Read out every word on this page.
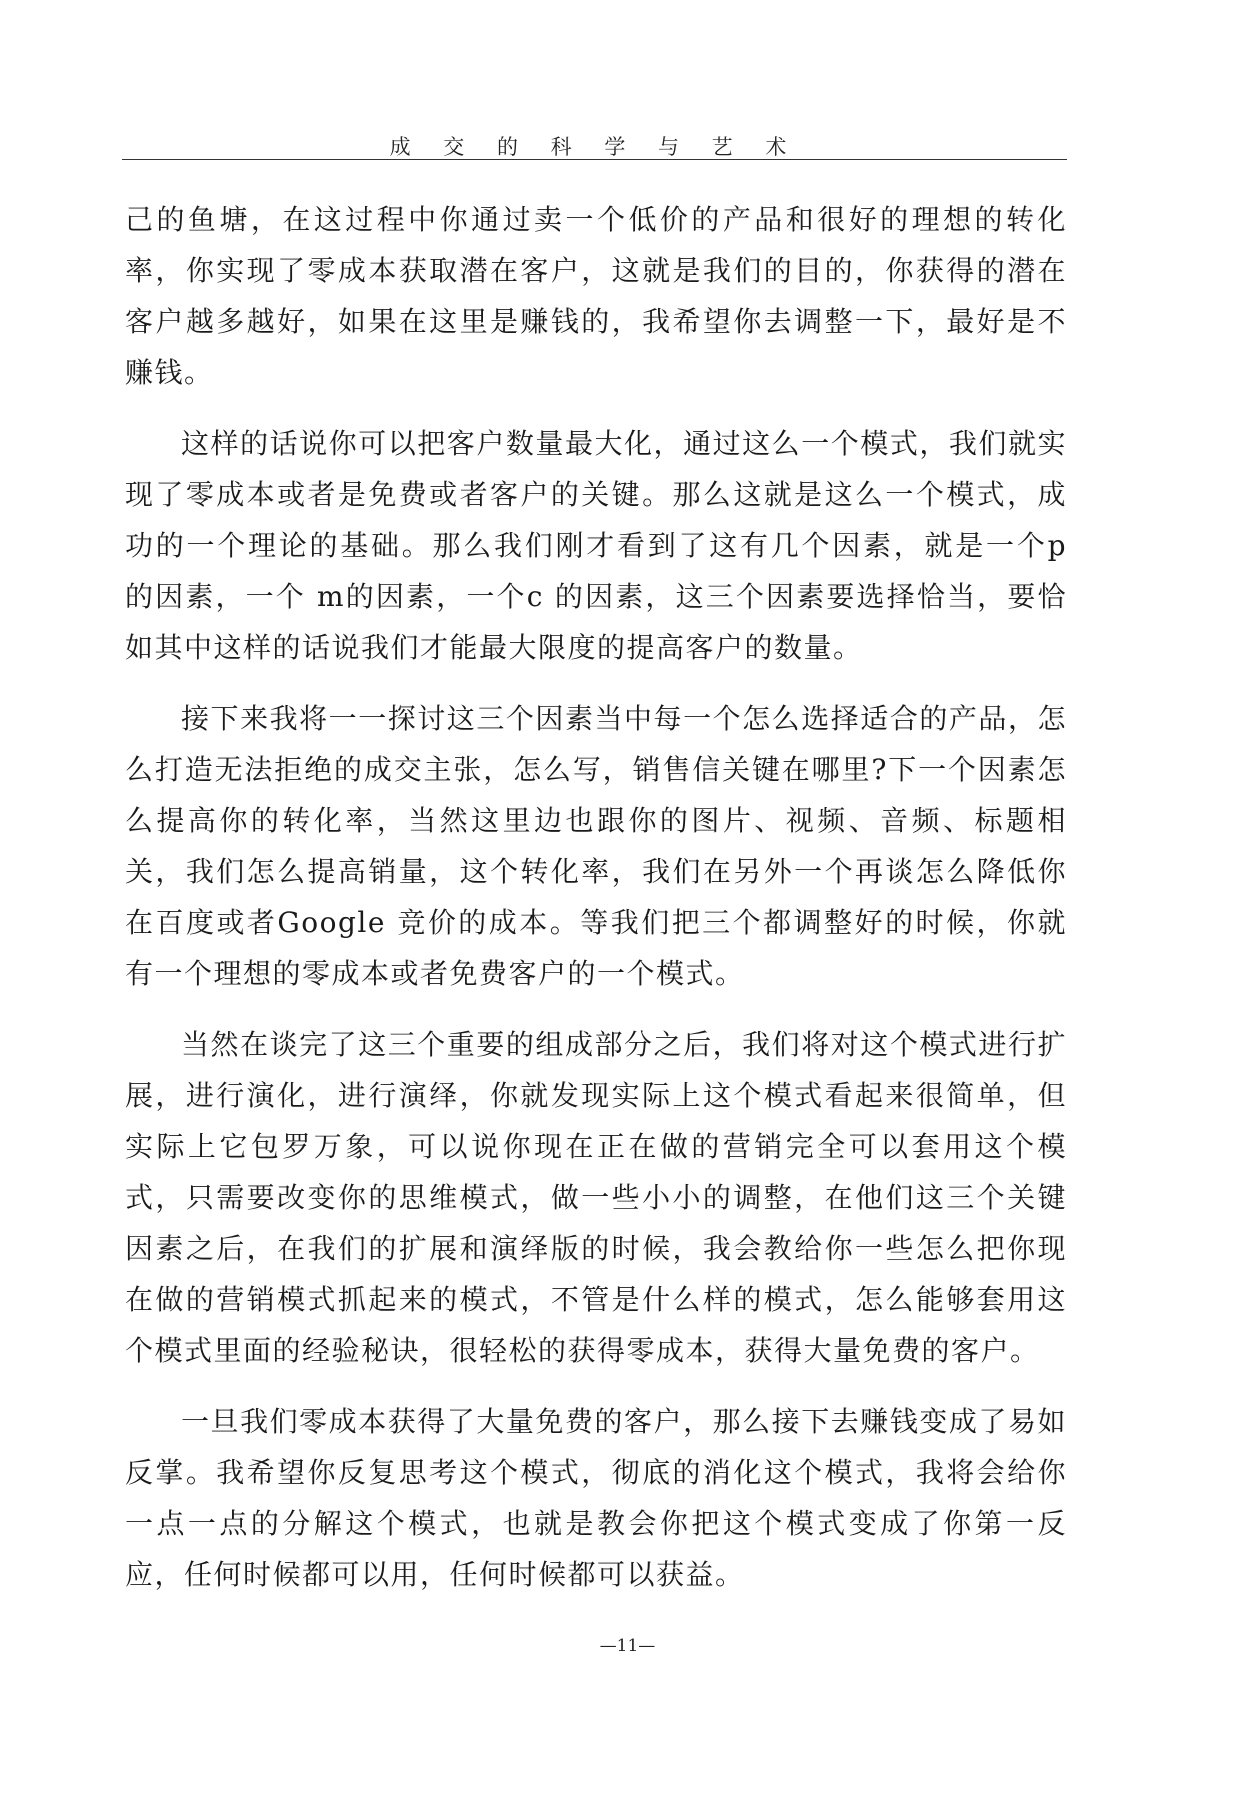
成 交 的 科 学 与 艺 术

己的鱼塘，在这过程中你通过卖一个低价的产品和很好的理想的转化率，你实现了零成本获取潜在客户，这就是我们的目的，你获得的潜在客户越多越好，如果在这里是赚钱的，我希望你去调整一下，最好是不赚钱。

这样的话说你可以把客户数量最大化，通过这么一个模式，我们就实现了零成本或者是免费或者客户的关键。那么这就是这么一个模式，成功的一个理论的基础。那么我们刚才看到了这有几个因素，就是一个p 的因素，一个 m的因素，一个c 的因素，这三个因素要选择恰当，要恰如其中这样的话说我们才能最大限度的提高客户的数量。

接下来我将一一探讨这三个因素当中每一个怎么选择适合的产品，怎么打造无法拒绝的成交主张，怎么写，销售信关键在哪里?下一个因素怎么提高你的转化率，当然这里边也跟你的图片、视频、音频、标题相关，我们怎么提高销量，这个转化率，我们在另外一个再谈怎么降低你在百度或者Google 竞价的成本。等我们把三个都调整好的时候，你就有一个理想的零成本或者免费客户的一个模式。

当然在谈完了这三个重要的组成部分之后，我们将对这个模式进行扩展，进行演化，进行演绎，你就发现实际上这个模式看起来很简单，但实际上它包罗万象，可以说你现在正在做的营销完全可以套用这个模式，只需要改变你的思维模式，做一些小小的调整，在他们这三个关键因素之后，在我们的扩展和演绎版的时候，我会教给你一些怎么把你现在做的营销模式抓起来的模式，不管是什么样的模式，怎么能够套用这个模式里面的经验秘诀，很轻松的获得零成本，获得大量免费的客户。

一旦我们零成本获得了大量免费的客户，那么接下去赚钱变成了易如反掌。我希望你反复思考这个模式，彻底的消化这个模式，我将会给你一点一点的分解这个模式，也就是教会你把这个模式变成了你第一反应，任何时候都可以用，任何时候都可以获益。

—11—
